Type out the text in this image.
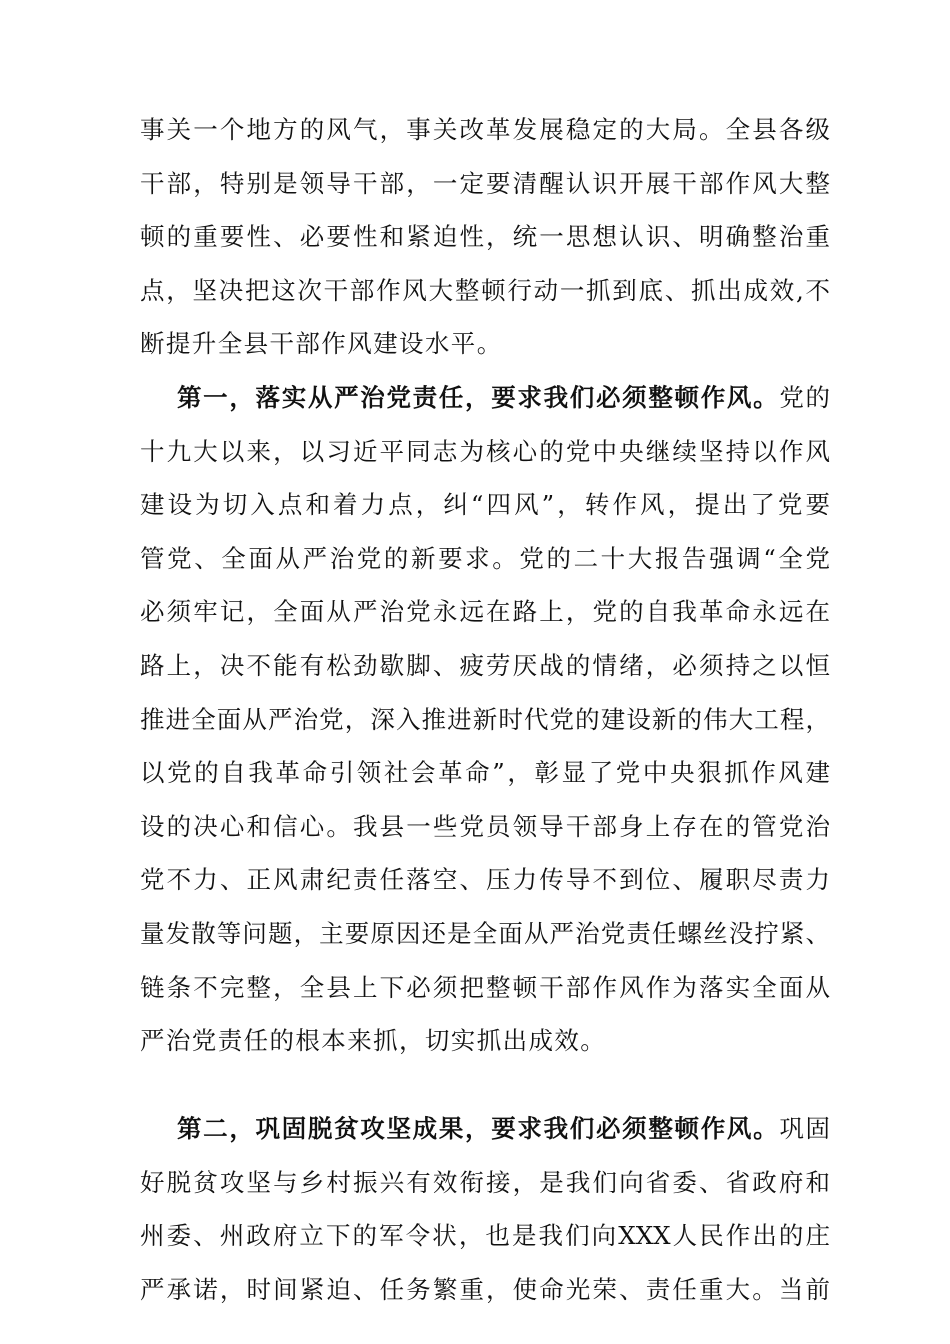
事关一个地方的风气，事关改革发展稳定的大局。全县各级
干部，特别是领导干部，一定要清醒认识开展干部作风大整
顿的重要性、必要性和紧迫性，统一思想认识、明确整治重
点，坚决把这次干部作风大整顿行动一抓到底、抓出成效,不
断提升全县干部作风建设水平。
第一，落实从严治党责任，要求我们必须整顿作风。党的
十九大以来，以习近平同志为核心的党中央继续坚持以作风
建设为切入点和着力点，纠“四风”，转作风，提出了党要
管党、全面从严治党的新要求。党的二十大报告强调“全党
必须牢记，全面从严治党永远在路上，党的自我革命永远在
路上，决不能有松劲歇脚、疲劳厌战的情绪，必须持之以恒
推进全面从严治党，深入推进新时代党的建设新的伟大工程，
以党的自我革命引领社会革命”，彰显了党中央狠抓作风建
设的决心和信心。我县一些党员领导干部身上存在的管党治
党不力、正风肃纪责任落空、压力传导不到位、履职尽责力
量发散等问题，主要原因还是全面从严治党责任螺丝没拧紧、
链条不完整，全县上下必须把整顿干部作风作为落实全面从
严治党责任的根本来抓，切实抓出成效。
第二，巩固脱贫攻坚成果，要求我们必须整顿作风。巩固
好脱贫攻坚与乡村振兴有效衔接，是我们向省委、省政府和
州委、州政府立下的军令状，也是我们向XXX人民作出的庄
严承诺，时间紧迫、任务繁重，使命光荣、责任重大。当前
